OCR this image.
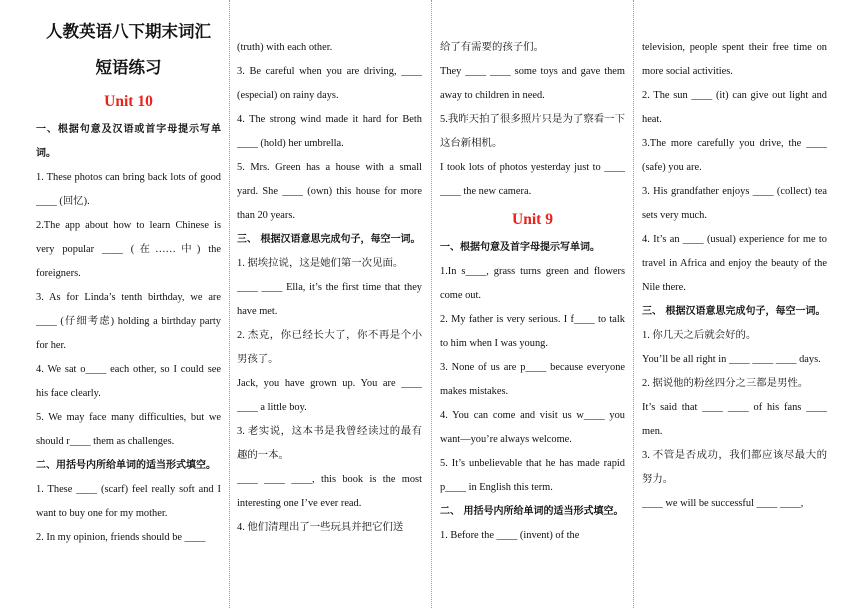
人教英语八下期末词汇

短语练习

Unit 10

一、根据句意及汉语或首字母提示写单词。

1. These photos can bring back lots of good ____ (回忆).

2.The app about how to learn Chinese is very popular ____ (在……中) the foreigners.

3. As for Linda’s tenth birthday, we are ____ (仔细考虑) holding a birthday party for her.

4. We sat o____ each other, so I could see his face clearly.

5. We may face many difficulties, but we should r____ them as challenges.

二、用括号内所给单词的适当形式填空。

1. These ____ (scarf) feel really soft and I want to buy one for my mother.

2. In my opinion, friends should be ____

(truth) with each other.

3. Be careful when you are driving, ____ (especial) on rainy days.

4. The strong wind made it hard for Beth ____ (hold) her umbrella.

5. Mrs. Green has a house with a small yard. She ____ (own) this house for more than 20 years.

三、 根据汉语意思完成句子，每空一词。

1. 据埃拉说，这是她们第一次见面。

____ ____ Ella, it’s the first time that they have met.

2. 杰克，你已经长大了，你不再是个小男孩了。

Jack, you have grown up. You are ____ ____ a little boy.

3. 老实说，这本书是我曾经读过的最有趣的一本。

____ ____ ____, this book is the most interesting one I’ve ever read.

4. 他们清理出了一些玩具并把它们送

给了有需要的孩子们。

They ____ ____ some toys and gave them away to children in need.

5.我昨天拍了很多照片只是为了察看一下这台新相机。

I took lots of photos yesterday just to ____ ____ the new camera.

Unit 9

一、根据句意及首字母提示写单词。

1.In s____, grass turns green and flowers come out.

2. My father is very serious. I f____ to talk to him when I was young.

3. None of us are p____ because everyone makes mistakes.

4. You can come and visit us w____ you want—you’re always welcome.

5. It’s unbelievable that he has made rapid p____ in English this term.

二、 用括号内所给单词的适当形式填空。

1. Before the ____ (invent) of the

television, people spent their free time on more social activities.

2. The sun ____ (it) can give out light and heat.

3.The more carefully you drive, the ____ (safe) you are.

3. His grandfather enjoys ____ (collect) tea sets very much.

4. It’s an ____ (usual) experience for me to travel in Africa and enjoy the beauty of the Nile there.

三、 根据汉语意思完成句子，每空一词。

1. 你几天之后就会好的。

You’ll be all right in ____ ____ ____ days.

2. 据说他的粉丝四分之三都是男性。

It’s said that ____ ____ of his fans ____ men.

3. 不管是否成功，我们都应该尽最大的努力。

____ we will be successful ____ ____,
